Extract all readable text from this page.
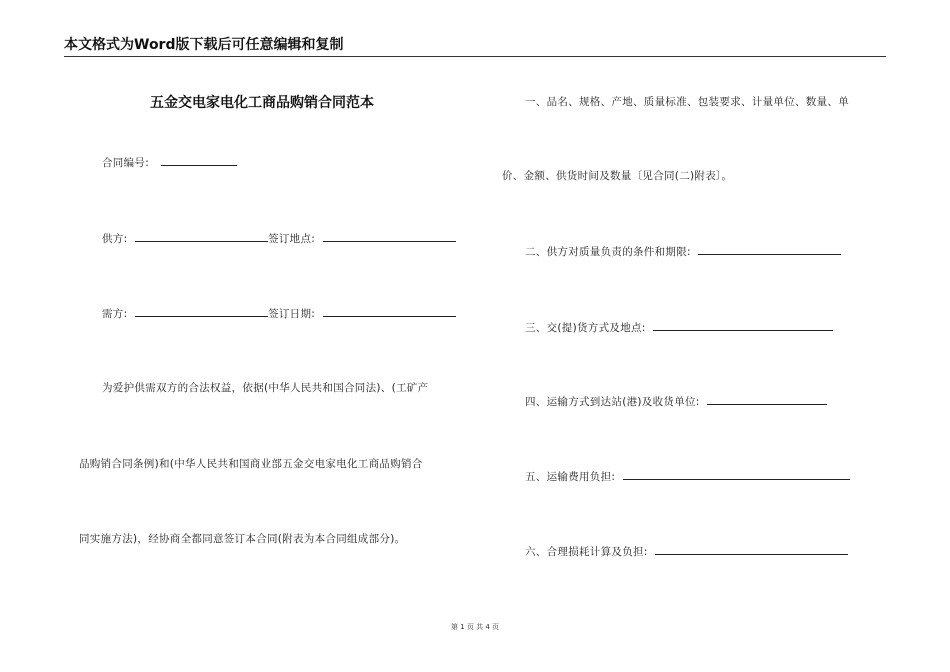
本文格式为Word版下载后可任意编辑和复制
五金交电家电化工商品购销合同范本
合同编号:
供方:	签订地点:
需方:	签订日期:
为爱护供需双方的合法权益，依据(中华人民共和国合同法)、(工矿产
品购销合同条例)和(中华人民共和国商业部五金交电家电化工商品购销合
同实施方法)，经协商全都同意签订本合同(附表为本合同组成部分)。
一、品名、规格、产地、质量标准、包装要求、计量单位、数量、单
价、金额、供货时间及数量〔见合同(二)附表〕。
二、供方对质量负责的条件和期限:
三、交(提)货方式及地点:
四、运输方式到达站(港)及收货单位:
五、运输费用负担:
六、合理损耗计算及负担:
第 1 页 共 4 页
